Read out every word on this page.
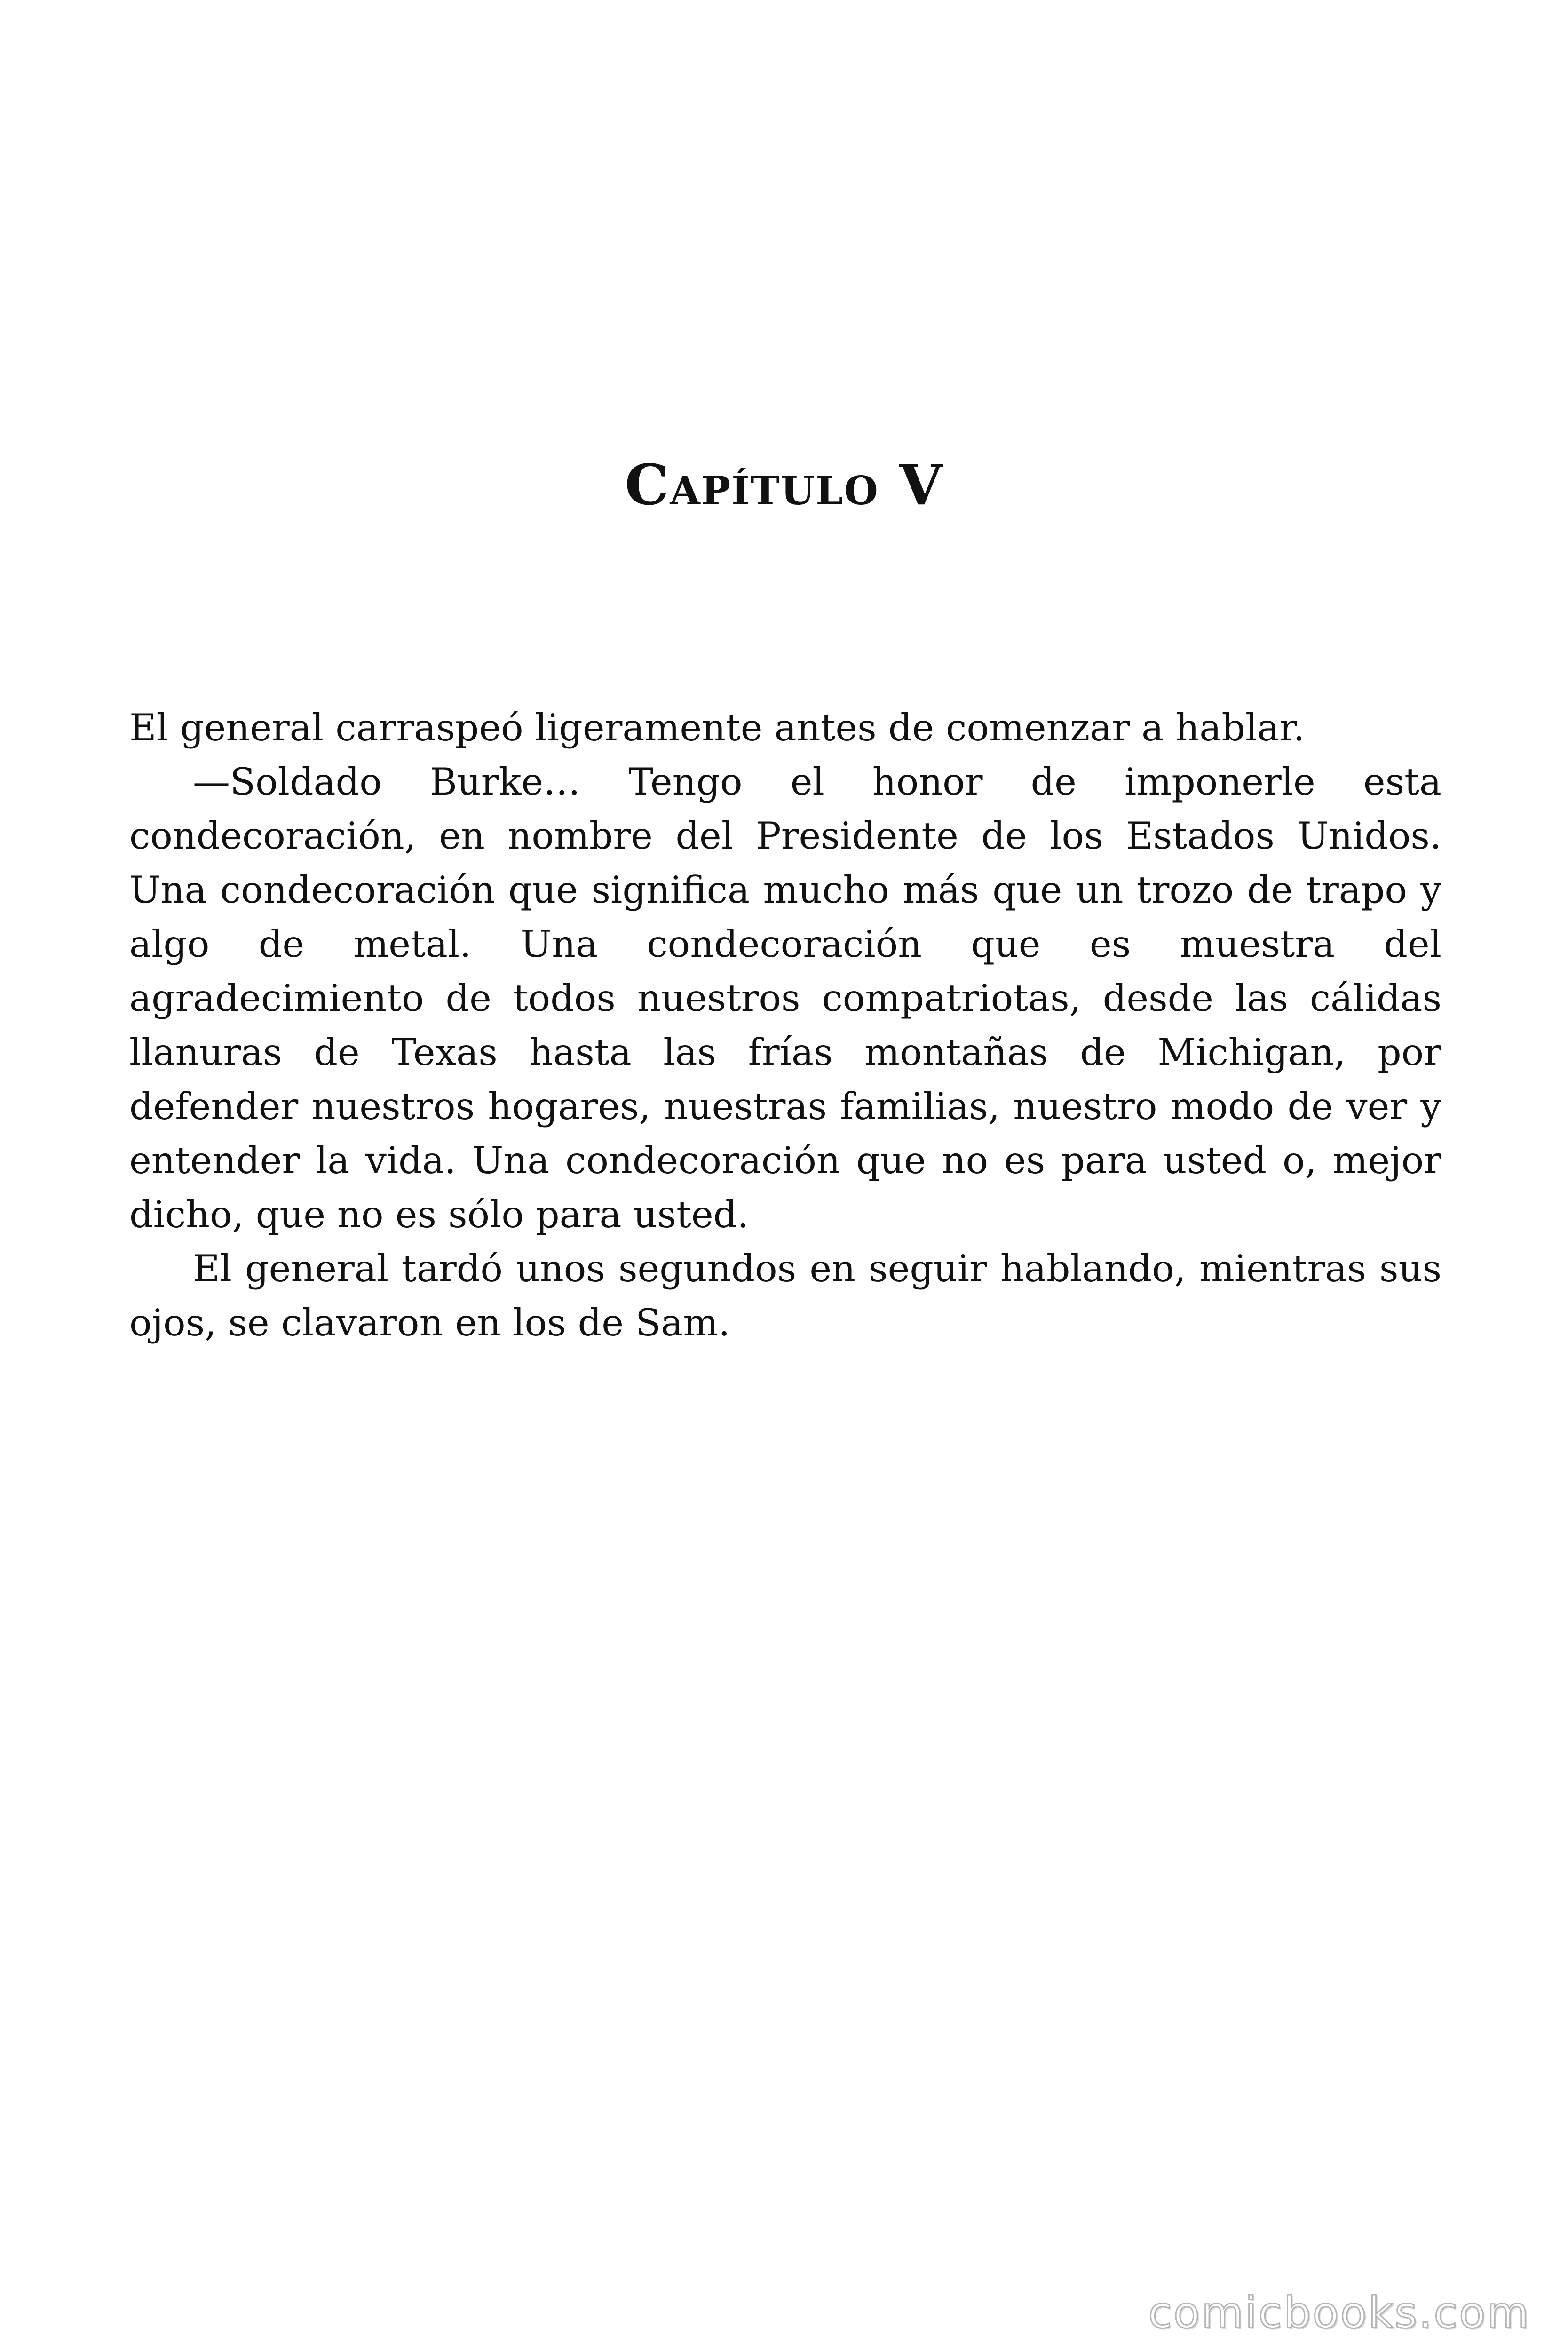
Capítulo V

El general carraspeó ligeramente antes de comenzar a hablar.

—Soldado Burke… Tengo el honor de imponerle esta condecoración, en nombre del Presidente de los Estados Unidos. Una condecoración que significa mucho más que un trozo de trapo y algo de metal. Una condecoración que es muestra del agradecimiento de todos nuestros compatriotas, desde las cálidas llanuras de Texas hasta las frías montañas de Michigan, por defender nuestros hogares, nuestras familias, nuestro modo de ver y entender la vida. Una condecoración que no es para usted o, mejor dicho, que no es sólo para usted.

El general tardó unos segundos en seguir hablando, mientras sus ojos, se clavaron en los de Sam.

comicbooks.com
